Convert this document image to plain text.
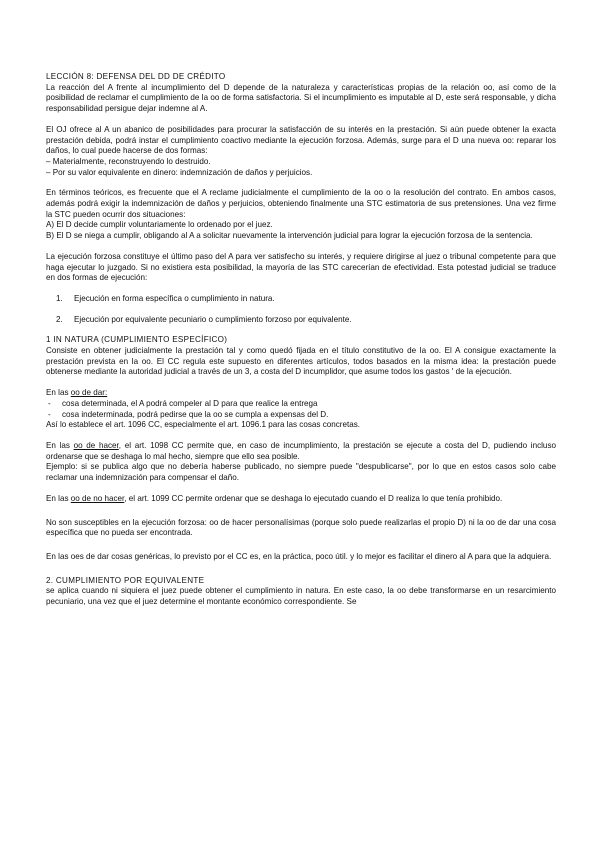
LECCIÓN 8: DEFENSA DEL DD DE CRÉDITO

La reacción del A frente al incumplimiento del D depende de la naturaleza y características propias de la relación oo, así como de la posibilidad de reclamar el cumplimiento de la oo de forma satisfactoria. Si el incumplimiento es imputable al D, este será responsable, y dicha responsabilidad persigue dejar indemne al A.

El OJ ofrece al A un abanico de posibilidades para procurar la satisfacción de su interés en la prestación. Si aún puede obtener la exacta prestación debida, podrá instar el cumplimiento coactivo mediante la ejecución forzosa. Además, surge para el D una nueva oo: reparar los daños, lo cual puede hacerse de dos formas:

– Materialmente, reconstruyendo lo destruido.

– Por su valor equivalente en dinero: indemnización de daños y perjuicios.

En términos teóricos, es frecuente que el A reclame judicialmente el cumplimiento de la oo o la resolución del contrato. En ambos casos, además podrá exigir la indemnización de daños y perjuicios, obteniendo finalmente una STC estimatoria de sus pretensiones. Una vez firme la STC pueden ocurrir dos situaciones:

A) El D decide cumplir voluntariamente lo ordenado por el juez.

B) El D se niega a cumplir, obligando al A a solicitar nuevamente la intervención judicial para lograr la ejecución forzosa de la sentencia.

La ejecución forzosa constituye el último paso del A para ver satisfecho su interés, y requiere dirigirse al juez o tribunal competente para que haga ejecutar lo juzgado. Si no existiera esta posibilidad, la mayoría de las STC carecerían de efectividad. Esta potestad judicial se traduce en dos formas de ejecución:

1.	Ejecución en forma específica o cumplimiento in natura.
2.	Ejecución por equivalente pecuniario o cumplimiento forzoso por equivalente.

1 IN NATURA (CUMPLIMIENTO ESPECÍFICO)

Consiste en obtener judicialmente la prestación tal y como quedó fijada en el título constitutivo de la oo. El A consigue exactamente la prestación prevista en la oo. El CC regula este supuesto en diferentes artículos, todos basados en la misma idea: la prestación puede obtenerse mediante la autoridad judicial a través de un 3, a costa del D incumplidor, que asume todos los gastos ' de la ejecución.

En las oo de dar:

-	cosa determinada, el A podrá compeler al D para que realice la entrega
-	cosa indeterminada, podrá pedirse que la oo se cumpla a expensas del D.

Así lo establece el art. 1096 CC, especialmente el art. 1096.1 para las cosas concretas.

En las oo de hacer, el art. 1098 CC permite que, en caso de incumplimiento, la prestación se ejecute a costa del D, pudiendo incluso ordenarse que se deshaga lo mal hecho, siempre que ello sea posible.

Ejemplo: si se publica algo que no debería haberse publicado, no siempre puede "despublicarse", por lo que en estos casos solo cabe reclamar una indemnización para compensar el daño.

En las oo de no hacer, el art. 1099 CC permite ordenar que se deshaga lo ejecutado cuando el D realiza lo que tenía prohibido.

No son susceptibles en la ejecución forzosa: oo de hacer personalísimas (porque solo puede realizarlas el propio D) ni la oo de dar una cosa específica que no pueda ser encontrada.

En las oes de dar cosas genéricas, lo previsto por el CC es, en la práctica, poco útil. y lo mejor es facilitar el dinero al A para que la adquiera.

2. CUMPLIMIENTO POR EQUIVALENTE

se aplica cuando ni siquiera el juez puede obtener el cumplimiento in natura. En este caso, la oo debe transformarse en un resarcimiento pecuniario, una vez que el juez determine el montante económico correspondiente. Se
